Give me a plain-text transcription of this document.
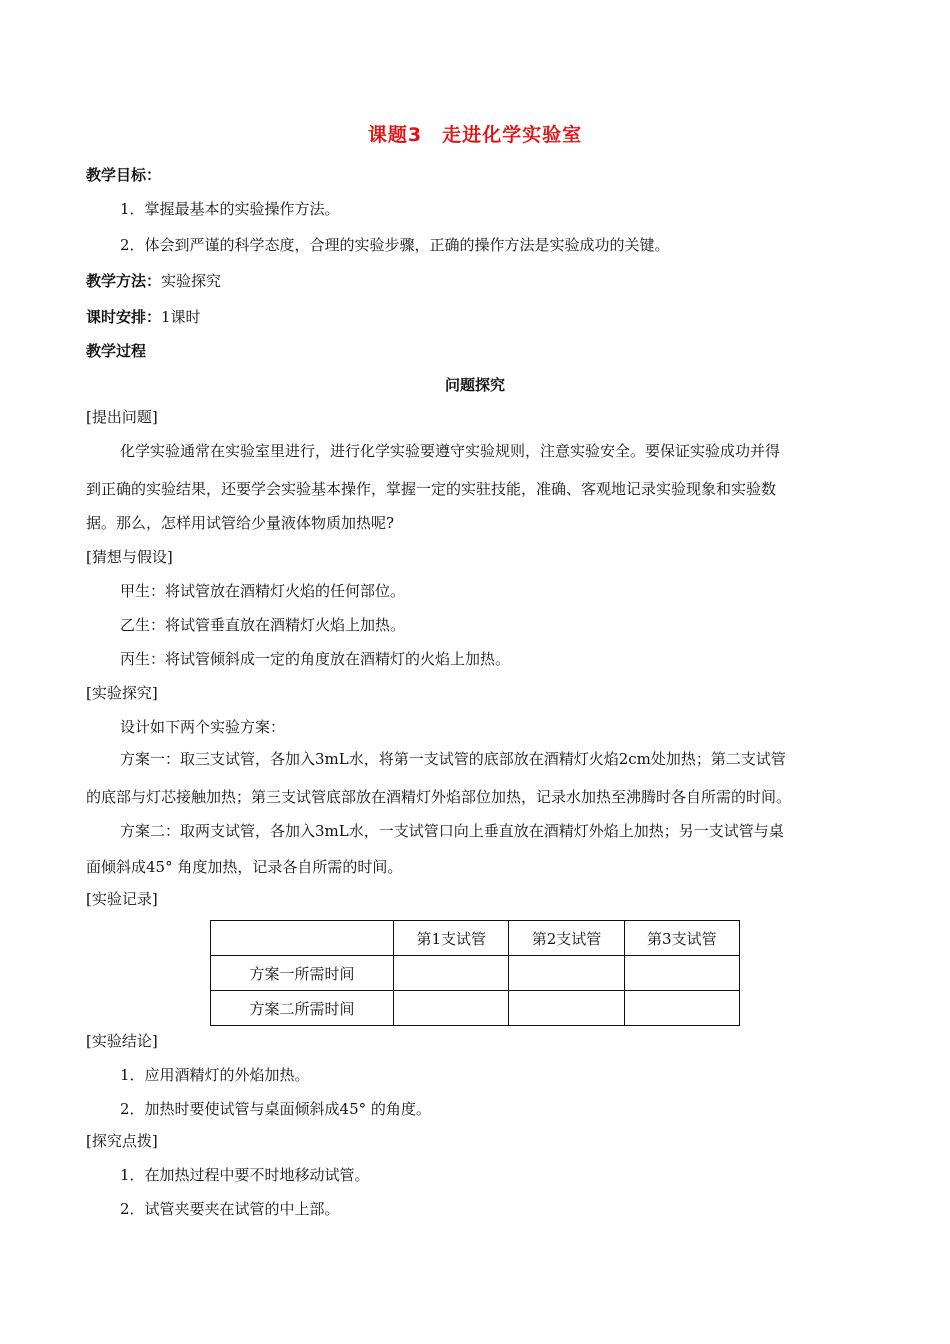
课题3　走进化学实验室
教学目标：
1．掌握最基本的实验操作方法。
2．体会到严谨的科学态度，合理的实验步骤，正确的操作方法是实验成功的关键。
教学方法：实验探究
课时安排：1课时
教学过程
问题探究
[提出问题]
化学实验通常在实验室里进行，进行化学实验要遵守实验规则，注意实验安全。要保证实验成功并得
到正确的实验结果，还要学会实验基本操作，掌握一定的实驻技能，准确、客观地记录实验现象和实验数
据。那么，怎样用试管给少量液体物质加热呢?
[猜想与假设]
甲生：将试管放在酒精灯火焰的任何部位。
乙生：将试管垂直放在酒精灯火焰上加热。
丙生：将试管倾斜成一定的角度放在酒精灯的火焰上加热。
[实验探究]
设计如下两个实验方案：
方案一：取三支试管，各加入3mL水，将第一支试管的底部放在酒精灯火焰2cm处加热；第二支试管
的底部与灯芯接触加热；第三支试管底部放在酒精灯外焰部位加热，记录水加热至沸腾时各自所需的时间。
方案二：取两支试管，各加入3mL水，一支试管口向上垂直放在酒精灯外焰上加热；另一支试管与桌
面倾斜成45° 角度加热，记录各自所需的时间。
[实验记录]
	第1支试管	第2支试管	第3支试管
方案一所需时间			
方案二所需时间			
[实验结论]
1．应用酒精灯的外焰加热。
2．加热时要使试管与桌面倾斜成45° 的角度。
[探究点拨]
1．在加热过程中要不时地移动试管。
2．试管夹要夹在试管的中上部。
